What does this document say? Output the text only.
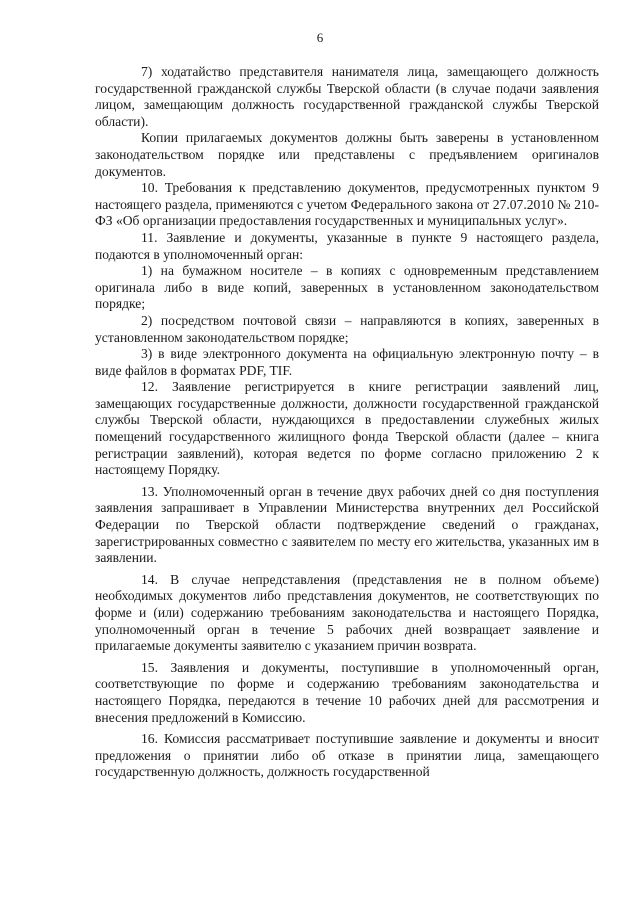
6

7) ходатайство представителя нанимателя лица, замещающего должность государственной гражданской службы Тверской области (в случае подачи заявления лицом, замещающим должность государственной гражданской службы Тверской области).

Копии прилагаемых документов должны быть заверены в установленном законодательством порядке или представлены с предъявлением оригиналов документов.

10. Требования к представлению документов, предусмотренных пунктом 9 настоящего раздела, применяются с учетом Федерального закона от 27.07.2010 № 210-ФЗ «Об организации предоставления государственных и муниципальных услуг».

11. Заявление и документы, указанные в пункте 9 настоящего раздела, подаются в уполномоченный орган:

1) на бумажном носителе – в копиях с одновременным представлением оригинала либо в виде копий, заверенных в установленном законодательством порядке;

2) посредством почтовой связи – направляются в копиях, заверенных в установленном законодательством порядке;

3) в виде электронного документа на официальную электронную почту – в виде файлов в форматах PDF, TIF.

12. Заявление регистрируется в книге регистрации заявлений лиц, замещающих государственные должности, должности государственной гражданской службы Тверской области, нуждающихся в предоставлении служебных жилых помещений государственного жилищного фонда Тверской области (далее – книга регистрации заявлений), которая ведется по форме согласно приложению 2 к настоящему Порядку.

13. Уполномоченный орган в течение двух рабочих дней со дня поступления заявления запрашивает в Управлении Министерства внутренних дел Российской Федерации по Тверской области подтверждение сведений о гражданах, зарегистрированных совместно с заявителем по месту его жительства, указанных им в заявлении.

14. В случае непредставления (представления не в полном объеме) необходимых документов либо представления документов, не соответствующих по форме и (или) содержанию требованиям законодательства и настоящего Порядка, уполномоченный орган в течение 5 рабочих дней возвращает заявление и прилагаемые документы заявителю с указанием причин возврата.

15. Заявления и документы, поступившие в уполномоченный орган, соответствующие по форме и содержанию требованиям законодательства и настоящего Порядка, передаются в течение 10 рабочих дней для рассмотрения и внесения предложений в Комиссию.

16. Комиссия рассматривает поступившие заявление и документы и вносит предложения о принятии либо об отказе в принятии лица, замещающего государственную должность, должность государственной
